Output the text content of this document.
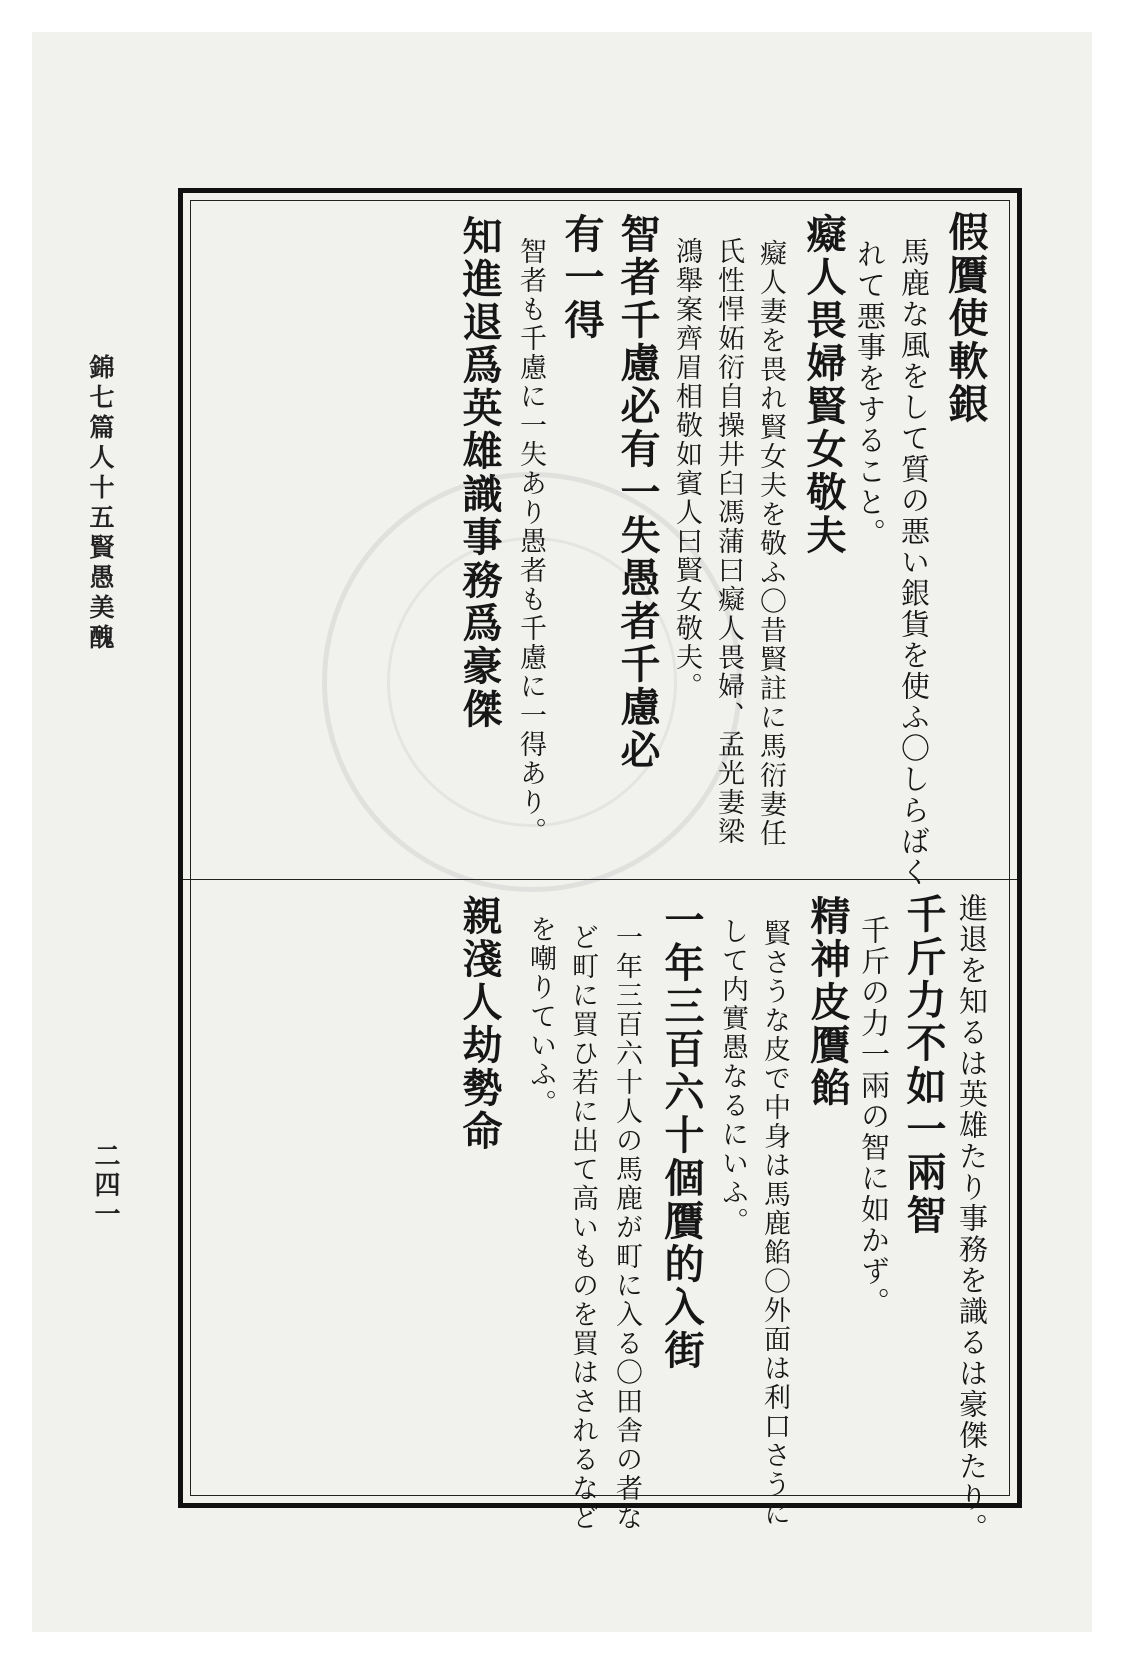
錦七篇人十五賢愚美醜
二四一
假贋使軟銀
馬鹿な風をして質の悪い銀貨を使ふ〇しらばく
れて悪事をすること。
癡人畏婦賢女敬夫
癡人妻を畏れ賢女夫を敬ふ〇昔賢註に馬衍妻任
氏性悍妬衍自操井臼馮蒲曰癡人畏婦、孟光妻梁
鴻舉案齊眉相敬如賓人曰賢女敬夫。
智者千慮必有一失愚者千慮必
有一得
智者も千慮に一失あり愚者も千慮に一得あり。
知進退爲英雄識事務爲豪傑
進退を知るは英雄たり事務を識るは豪傑たり。
千斤力不如一兩智
千斤の力一兩の智に如かず。
精神皮贋餡
賢さうな皮で中身は馬鹿餡〇外面は利口さうに
して内實愚なるにいふ。
一年三百六十個贋的入街
一年三百六十人の馬鹿が町に入る〇田舎の者な
ど町に買ひ若に出て高いものを買はされるなど
を嘲りていふ。
親淺人劫勢命
